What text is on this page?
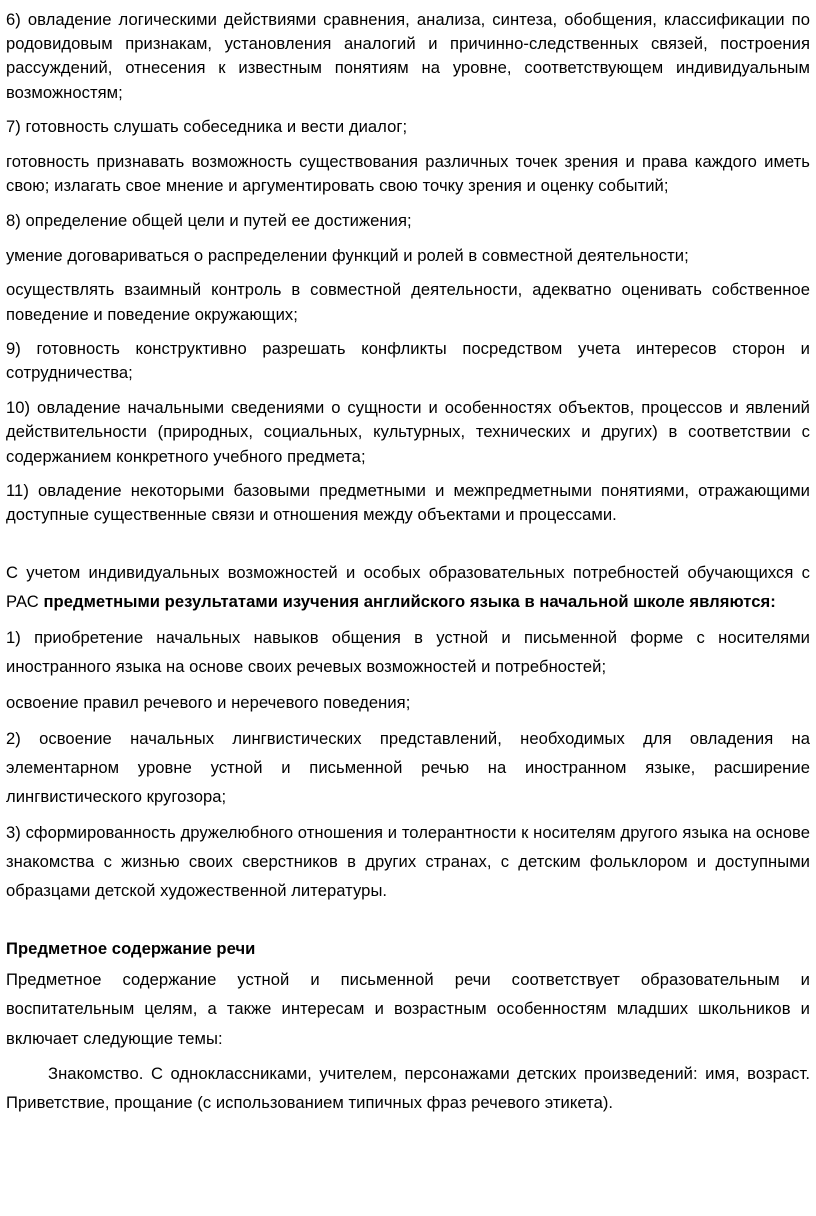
6) овладение логическими действиями сравнения, анализа, синтеза, обобщения, классификации по родовидовым признакам, установления аналогий и причинно-следственных связей, построения рассуждений, отнесения к известным понятиям на уровне, соответствующем индивидуальным возможностям;

7) готовность слушать собеседника и вести диалог;

готовность признавать возможность существования различных точек зрения и права каждого иметь свою; излагать свое мнение и аргументировать свою точку зрения и оценку событий;

8) определение общей цели и путей ее достижения;

умение договариваться о распределении функций и ролей в совместной деятельности;

осуществлять взаимный контроль в совместной деятельности, адекватно оценивать собственное поведение и поведение окружающих;

9) готовность конструктивно разрешать конфликты посредством учета интересов сторон и сотрудничества;

10) овладение начальными сведениями о сущности и особенностях объектов, процессов и явлений действительности (природных, социальных, культурных, технических и других) в соответствии с содержанием конкретного учебного предмета;

11) овладение некоторыми базовыми предметными и межпредметными понятиями, отражающими доступные существенные связи и отношения между объектами и процессами.

С учетом индивидуальных возможностей и особых образовательных потребностей обучающихся с РАС предметными результатами изучения английского языка в начальной школе являются:

1) приобретение начальных навыков общения в устной и письменной форме с носителями иностранного языка на основе своих речевых возможностей и потребностей;

освоение правил речевого и неречевого поведения;

2) освоение начальных лингвистических представлений, необходимых для овладения на элементарном уровне устной и письменной речью на иностранном языке, расширение лингвистического кругозора;

3) сформированность дружелюбного отношения и толерантности к носителям другого языка на основе знакомства с жизнью своих сверстников в других странах, с детским фольклором и доступными образцами детской художественной литературы.

Предметное содержание речи

Предметное содержание устной и письменной речи соответствует образовательным и воспитательным целям, а также интересам и возрастным особенностям младших школьников и включает следующие темы:

Знакомство. С одноклассниками, учителем, персонажами детских произведений: имя, возраст. Приветствие, прощание (с использованием типичных фраз речевого этикета).
